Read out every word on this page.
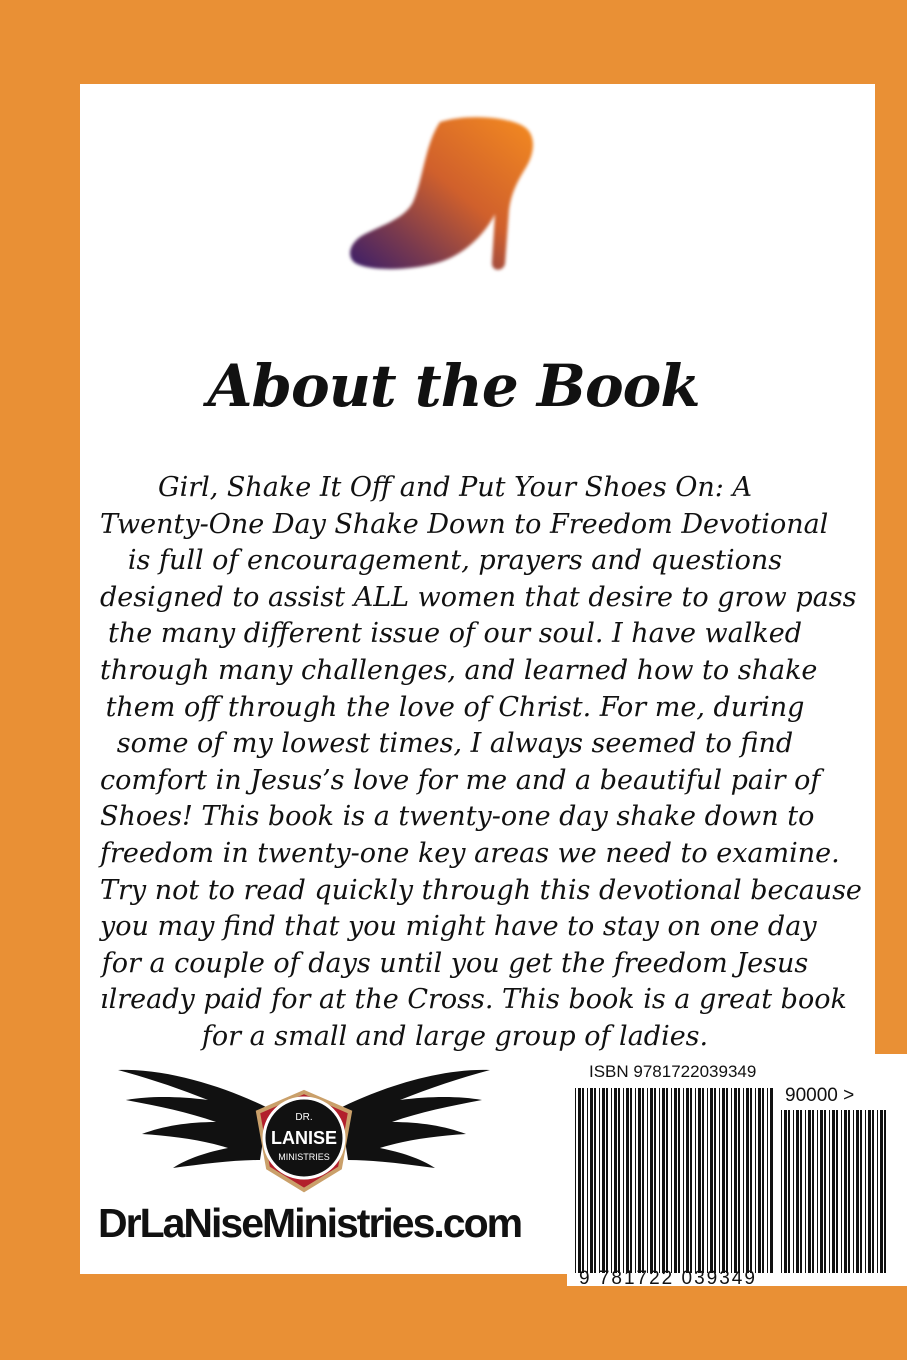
About the Book
Girl, Shake It Off and Put Your Shoes On: A
Twenty-One Day Shake Down to Freedom Devotional
is full of encouragement, prayers and questions
designed to assist ALL women that desire to grow pass
the many different issue of our soul. I have walked
through many challenges, and learned how to shake
them off through the love of Christ. For me, during
some of my lowest times, I always seemed to find
comfort in Jesus’s love for me and a beautiful pair of
Shoes! This book is a twenty-one day shake down to
freedom in twenty-one key areas we need to examine.
Try not to read quickly through this devotional because
you may find that you might have to stay on one day
for a couple of days until you get the freedom Jesus
ılready paid for at the Cross. This book is a great book
for a small and large group of ladies.
DR.
LANISE
MINISTRIES
DrLaNiseMinistries.com
ISBN 9781722039349
90000 >
9 781722 039349
